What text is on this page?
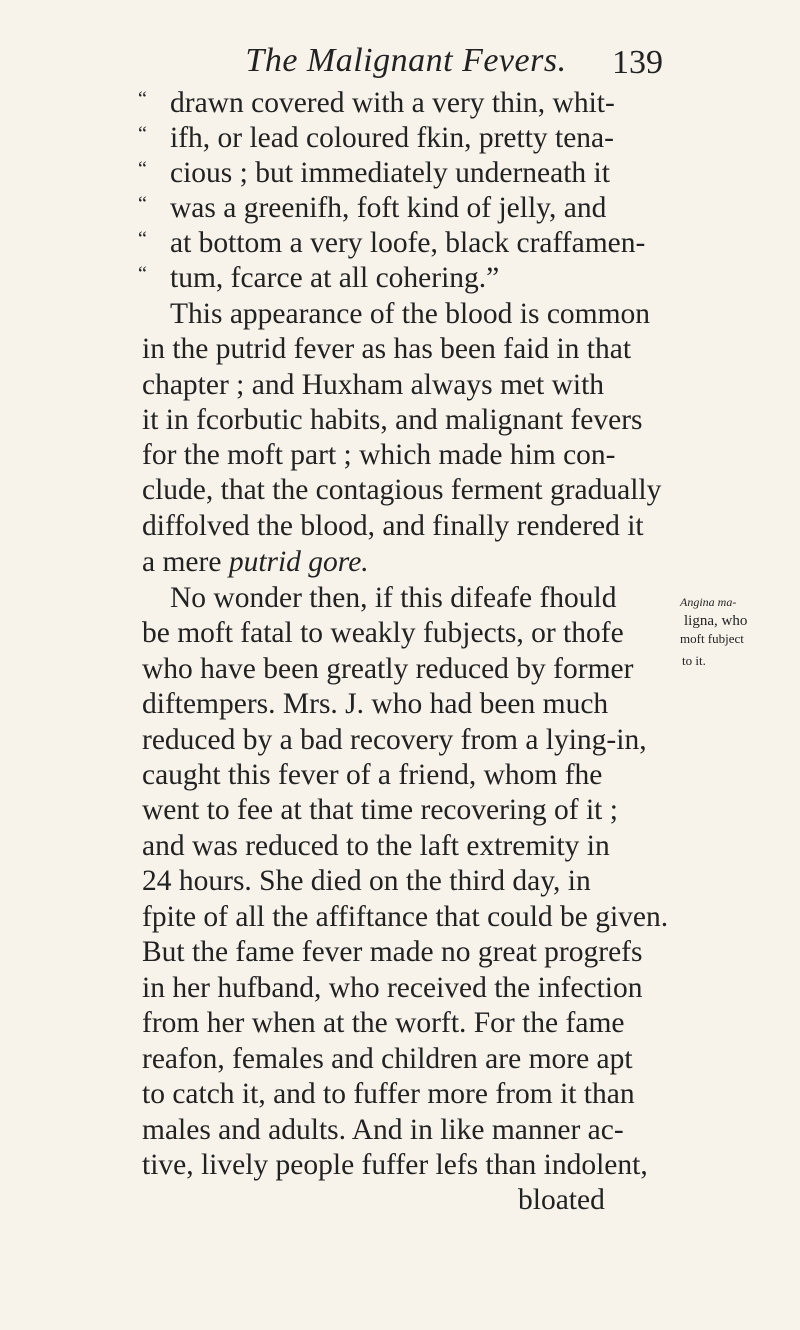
The Malignant Fevers.	139
“
“
“
“
“
“
drawn covered with a very thin, whit-
ifh, or lead coloured fkin, pretty tena-
cious ; but immediately underneath it
was a greenifh, foft kind of jelly, and
at bottom a very loofe, black craffamen-
tum, fcarce at all cohering.”
This appearance of the blood is common
in the putrid fever as has been faid in that
chapter ; and Huxham always met with
it in fcorbutic habits, and malignant fevers
for the moft part ; which made him con-
clude, that the contagious ferment gradually
diffolved the blood, and finally rendered it
a mere putrid gore.
No wonder then, if this difeafe fhould
be moft fatal to weakly fubjects, or thofe
who have been greatly reduced by former
diftempers. Mrs. J. who had been much
reduced by a bad recovery from a lying-in,
caught this fever of a friend, whom fhe
went to fee at that time recovering of it ;
and was reduced to the laft extremity in
24 hours. She died on the third day, in
fpite of all the affiftance that could be given.
But the fame fever made no great progrefs
in her hufband, who received the infection
from her when at the worft. For the fame
reafon, females and children are more apt
to catch it, and to fuffer more from it than
males and adults. And in like manner ac-
tive, lively people fuffer lefs than indolent,
bloated
Angina ma-
ligna, who
moft fubject
to it.
